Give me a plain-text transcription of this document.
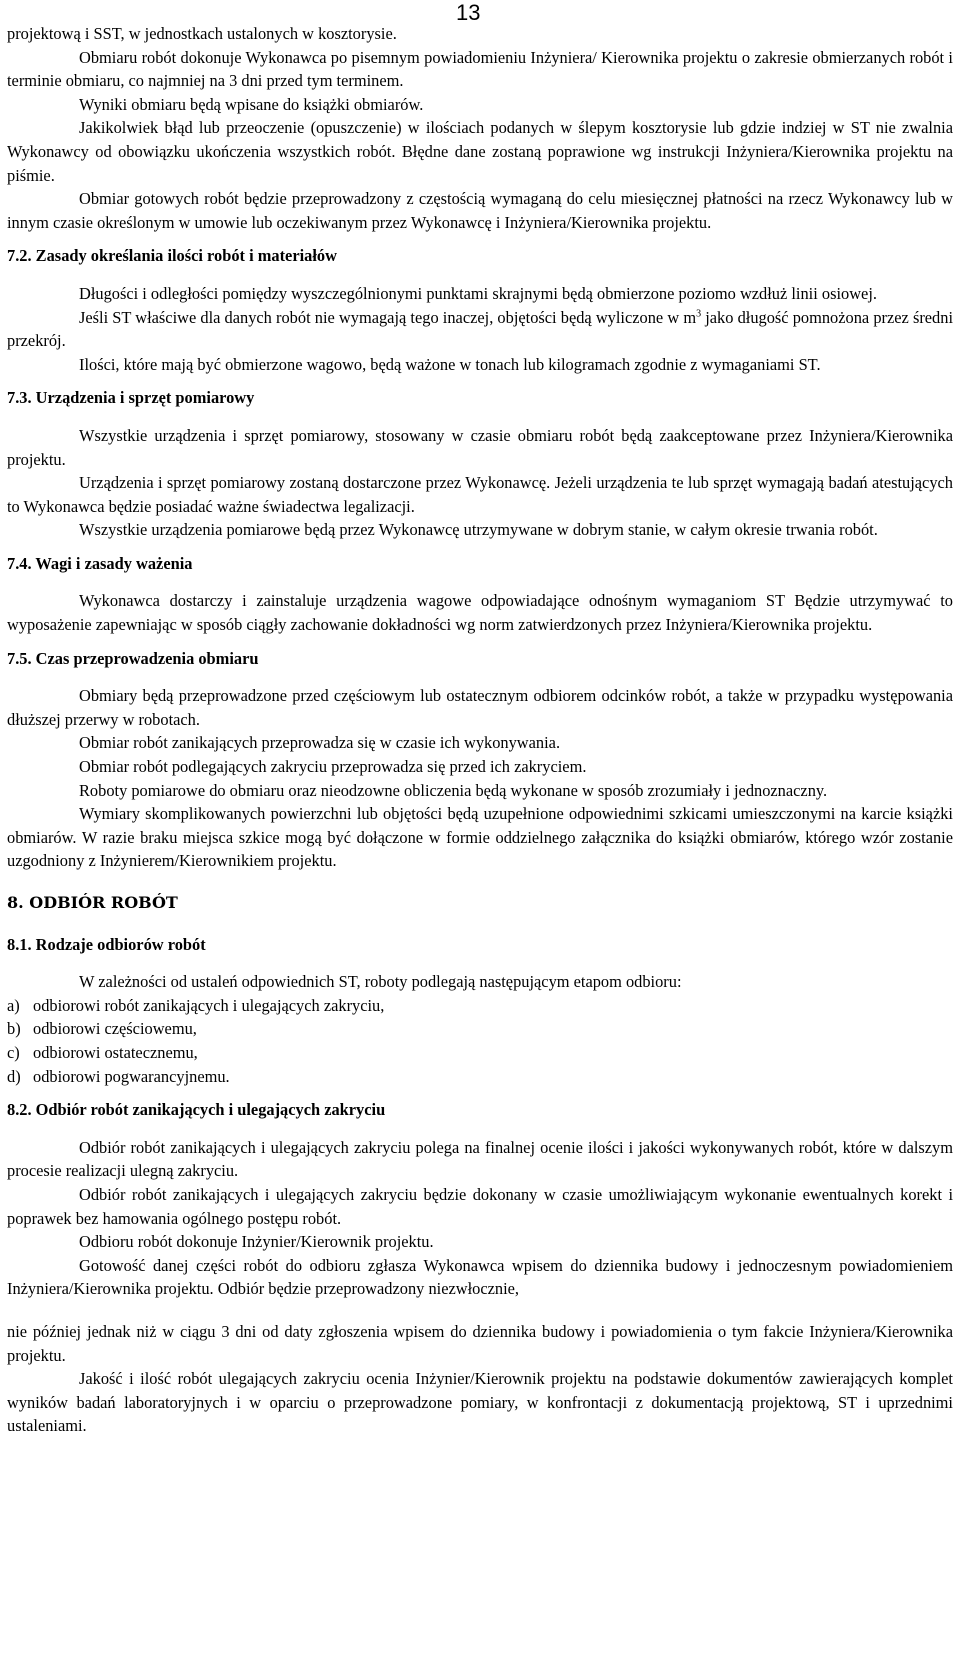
13

projektową i SST, w jednostkach ustalonych w kosztorysie.

Obmiaru robót dokonuje Wykonawca po pisemnym powiadomieniu Inżyniera/ Kierownika projektu o zakresie obmierzanych robót i terminie obmiaru, co najmniej na 3 dni przed tym terminem.

Wyniki obmiaru będą wpisane do książki obmiarów.

Jakikolwiek błąd lub przeoczenie (opuszczenie) w ilościach podanych w ślepym kosztorysie lub gdzie indziej w ST nie zwalnia Wykonawcy od obowiązku ukończenia wszystkich robót. Błędne dane zostaną poprawione wg instrukcji Inżyniera/Kierownika projektu na piśmie.

Obmiar gotowych robót będzie przeprowadzony z częstością wymaganą do celu miesięcznej płatności na rzecz Wykonawcy lub w innym czasie określonym w umowie lub oczekiwanym przez Wykonawcę i Inżyniera/Kierownika projektu.

7.2. Zasady określania ilości robót i materiałów

Długości i odległości pomiędzy wyszczególnionymi punktami skrajnymi będą obmierzone poziomo wzdłuż linii osiowej.

Jeśli ST właściwe dla danych robót nie wymagają tego inaczej, objętości będą wyliczone w $m^3$ jako długość pomnożona przez średni przekrój.

Ilości, które mają być obmierzone wagowo, będą ważone w tonach lub kilogramach zgodnie z wymaganiami ST.

7.3. Urządzenia i sprzęt pomiarowy

Wszystkie urządzenia i sprzęt pomiarowy, stosowany w czasie obmiaru robót będą zaakceptowane przez Inżyniera/Kierownika projektu.

Urządzenia i sprzęt pomiarowy zostaną dostarczone przez Wykonawcę. Jeżeli urządzenia te lub sprzęt wymagają badań atestujących to Wykonawca będzie posiadać ważne świadectwa legalizacji.

Wszystkie urządzenia pomiarowe będą przez Wykonawcę utrzymywane w dobrym stanie, w całym okresie trwania robót.

7.4. Wagi i zasady ważenia

Wykonawca dostarczy i zainstaluje urządzenia wagowe odpowiadające odnośnym wymaganiom ST Będzie utrzymywać to wyposażenie zapewniając w sposób ciągły zachowanie dokładności wg norm zatwierdzonych przez Inżyniera/Kierownika projektu.

7.5. Czas przeprowadzenia obmiaru

Obmiary będą przeprowadzone przed częściowym lub ostatecznym odbiorem odcinków robót, a także w przypadku występowania dłuższej przerwy w robotach.

Obmiar robót zanikających przeprowadza się w czasie ich wykonywania.

Obmiar robót podlegających zakryciu przeprowadza się przed ich zakryciem.

Roboty pomiarowe do obmiaru oraz nieodzowne obliczenia będą wykonane w sposób zrozumiały i jednoznaczny.

Wymiary skomplikowanych powierzchni lub objętości będą uzupełnione odpowiednimi szkicami umieszczonymi na karcie książki obmiarów. W razie braku miejsca szkice mogą być dołączone w formie oddzielnego załącznika do książki obmiarów, którego wzór zostanie uzgodniony z Inżynierem/Kierownikiem projektu.

8. ODBIÓR ROBÓT
8.1. Rodzaje odbiorów robót

W zależności od ustaleń odpowiednich ST, roboty podlegają następującym etapom odbioru:

a) odbiorowi robót zanikających i ulegających zakryciu,
b) odbiorowi częściowemu,
c) odbiorowi ostatecznemu,
d) odbiorowi pogwarancyjnemu.
8.2. Odbiór robót zanikających i ulegających zakryciu

Odbiór robót zanikających i ulegających zakryciu polega na finalnej ocenie ilości i jakości wykonywanych robót, które w dalszym procesie realizacji ulegną zakryciu.

Odbiór robót zanikających i ulegających zakryciu będzie dokonany w czasie umożliwiającym wykonanie ewentualnych korekt i poprawek bez hamowania ogólnego postępu robót.

Odbioru robót dokonuje Inżynier/Kierownik projektu.

Gotowość danej części robót do odbioru zgłasza Wykonawca wpisem do dziennika budowy i jednoczesnym powiadomieniem Inżyniera/Kierownika projektu. Odbiór będzie przeprowadzony niezwłocznie,

nie później jednak niż w ciągu 3 dni od daty zgłoszenia wpisem do dziennika budowy i powiadomienia o tym fakcie Inżyniera/Kierownika projektu.

Jakość i ilość robót ulegających zakryciu ocenia Inżynier/Kierownik projektu na podstawie dokumentów zawierających komplet wyników badań laboratoryjnych i w oparciu o przeprowadzone pomiary, w konfrontacji z dokumentacją projektową, ST i uprzednimi ustaleniami.
